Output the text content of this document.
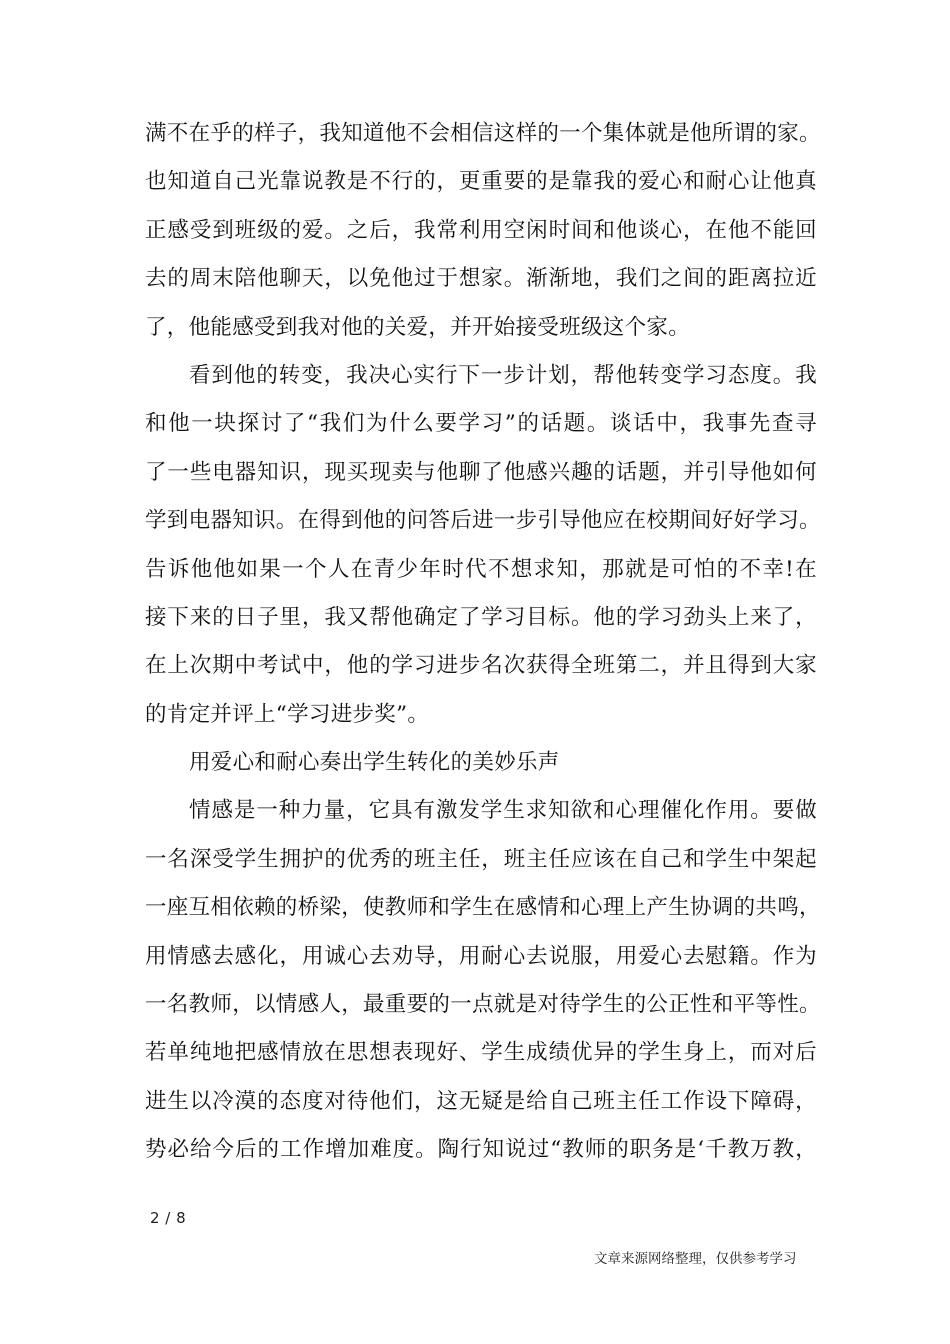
满不在乎的样子，我知道他不会相信这样的一个集体就是他所谓的家。
也知道自己光靠说教是不行的，更重要的是靠我的爱心和耐心让他真
正感受到班级的爱。之后，我常利用空闲时间和他谈心，在他不能回
去的周末陪他聊天，以免他过于想家。渐渐地，我们之间的距离拉近
了，他能感受到我对他的关爱，并开始接受班级这个家。

看到他的转变，我决心实行下一步计划，帮他转变学习态度。我
和他一块探讨了“我们为什么要学习”的话题。谈话中，我事先查寻
了一些电器知识，现买现卖与他聊了他感兴趣的话题，并引导他如何
学到电器知识。在得到他的问答后进一步引导他应在校期间好好学习。
告诉他他如果一个人在青少年时代不想求知，那就是可怕的不幸!在
接下来的日子里，我又帮他确定了学习目标。他的学习劲头上来了，
在上次期中考试中，他的学习进步名次获得全班第二，并且得到大家
的肯定并评上“学习进步奖”。

用爱心和耐心奏出学生转化的美妙乐声

情感是一种力量，它具有激发学生求知欲和心理催化作用。要做
一名深受学生拥护的优秀的班主任，班主任应该在自己和学生中架起
一座互相依赖的桥梁，使教师和学生在感情和心理上产生协调的共鸣，
用情感去感化，用诚心去劝导，用耐心去说服，用爱心去慰籍。作为
一名教师，以情感人，最重要的一点就是对待学生的公正性和平等性。
若单纯地把感情放在思想表现好、学生成绩优异的学生身上，而对后
进生以冷漠的态度对待他们，这无疑是给自己班主任工作设下障碍，
势必给今后的工作增加难度。陶行知说过“教师的职务是‘千教万教，

2 / 8
文章来源网络整理，仅供参考学习
